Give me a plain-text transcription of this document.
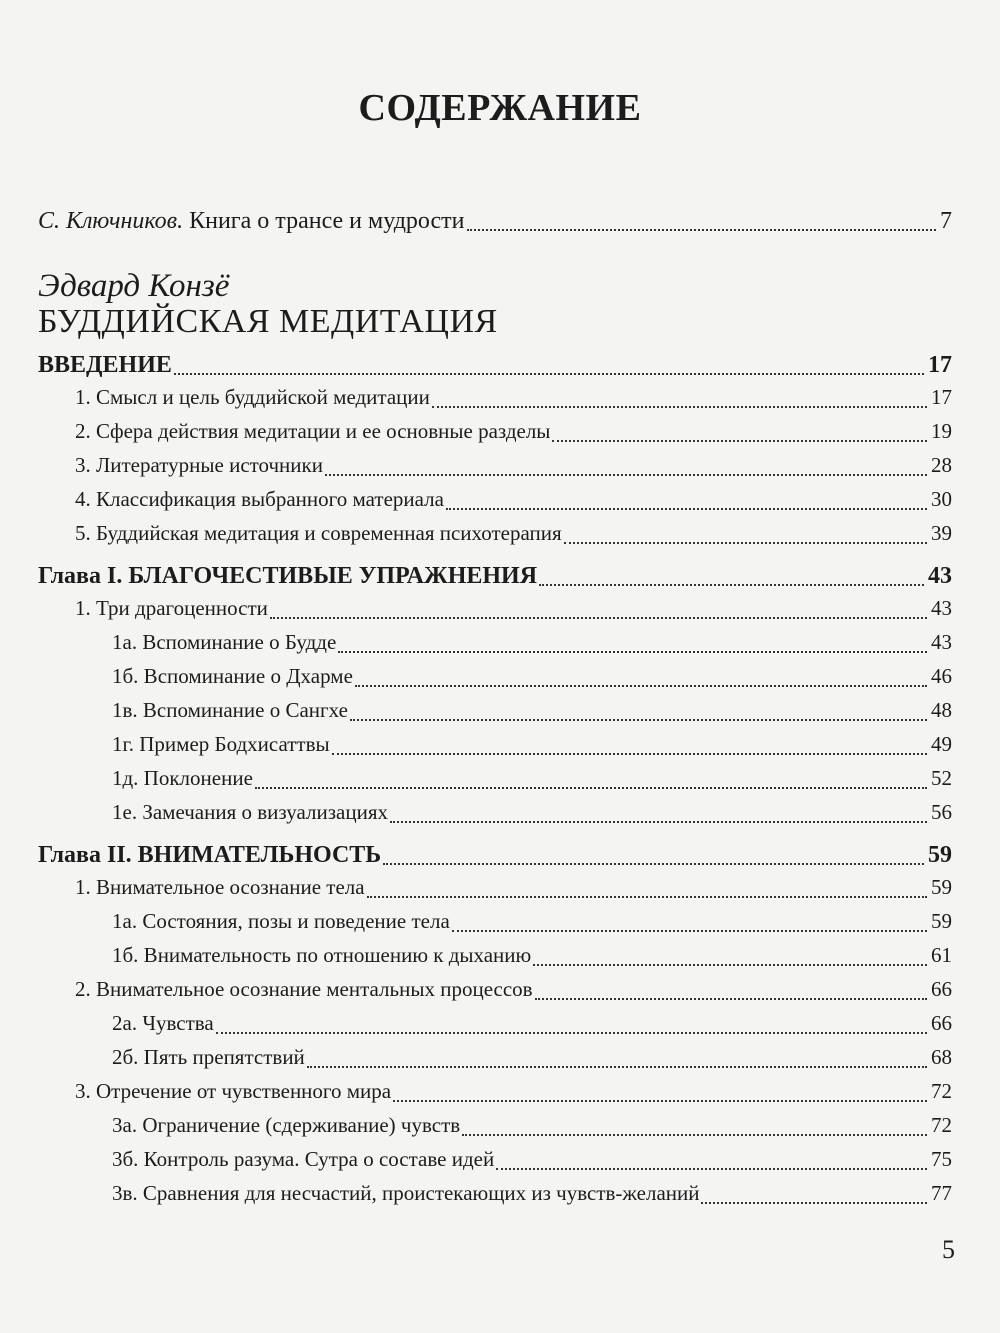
СОДЕРЖАНИЕ
С. Ключников. Книга о трансе и мудрости	7
Эдвард Конзё
БУДДИЙСКАЯ МЕДИТАЦИЯ
ВВЕДЕНИЕ	17
1. Смысл и цель буддийской медитации	17
2. Сфера действия медитации и ее основные разделы	19
3. Литературные источники	28
4. Классификация выбранного материала	30
5. Буддийская медитация и современная психотерапия	39
Глава I. БЛАГОЧЕСТИВЫЕ УПРАЖНЕНИЯ	43
1. Три драгоценности	43
1а. Вспоминание о Будде	43
1б. Вспоминание о Дхарме	46
1в. Вспоминание о Сангхе	48
1г. Пример Бодхисаттвы	49
1д. Поклонение	52
1е. Замечания о визуализациях	56
Глава II. ВНИМАТЕЛЬНОСТЬ	59
1. Внимательное осознание тела	59
1а. Состояния, позы и поведение тела	59
1б. Внимательность по отношению к дыханию	61
2. Внимательное осознание ментальных процессов	66
2а. Чувства	66
2б. Пять препятствий	68
3. Отречение от чувственного мира	72
3а. Ограничение (сдерживание) чувств	72
3б. Контроль разума. Сутра о составе идей	75
3в. Сравнения для несчастий, проистекающих из чувств-желаний	77
5
